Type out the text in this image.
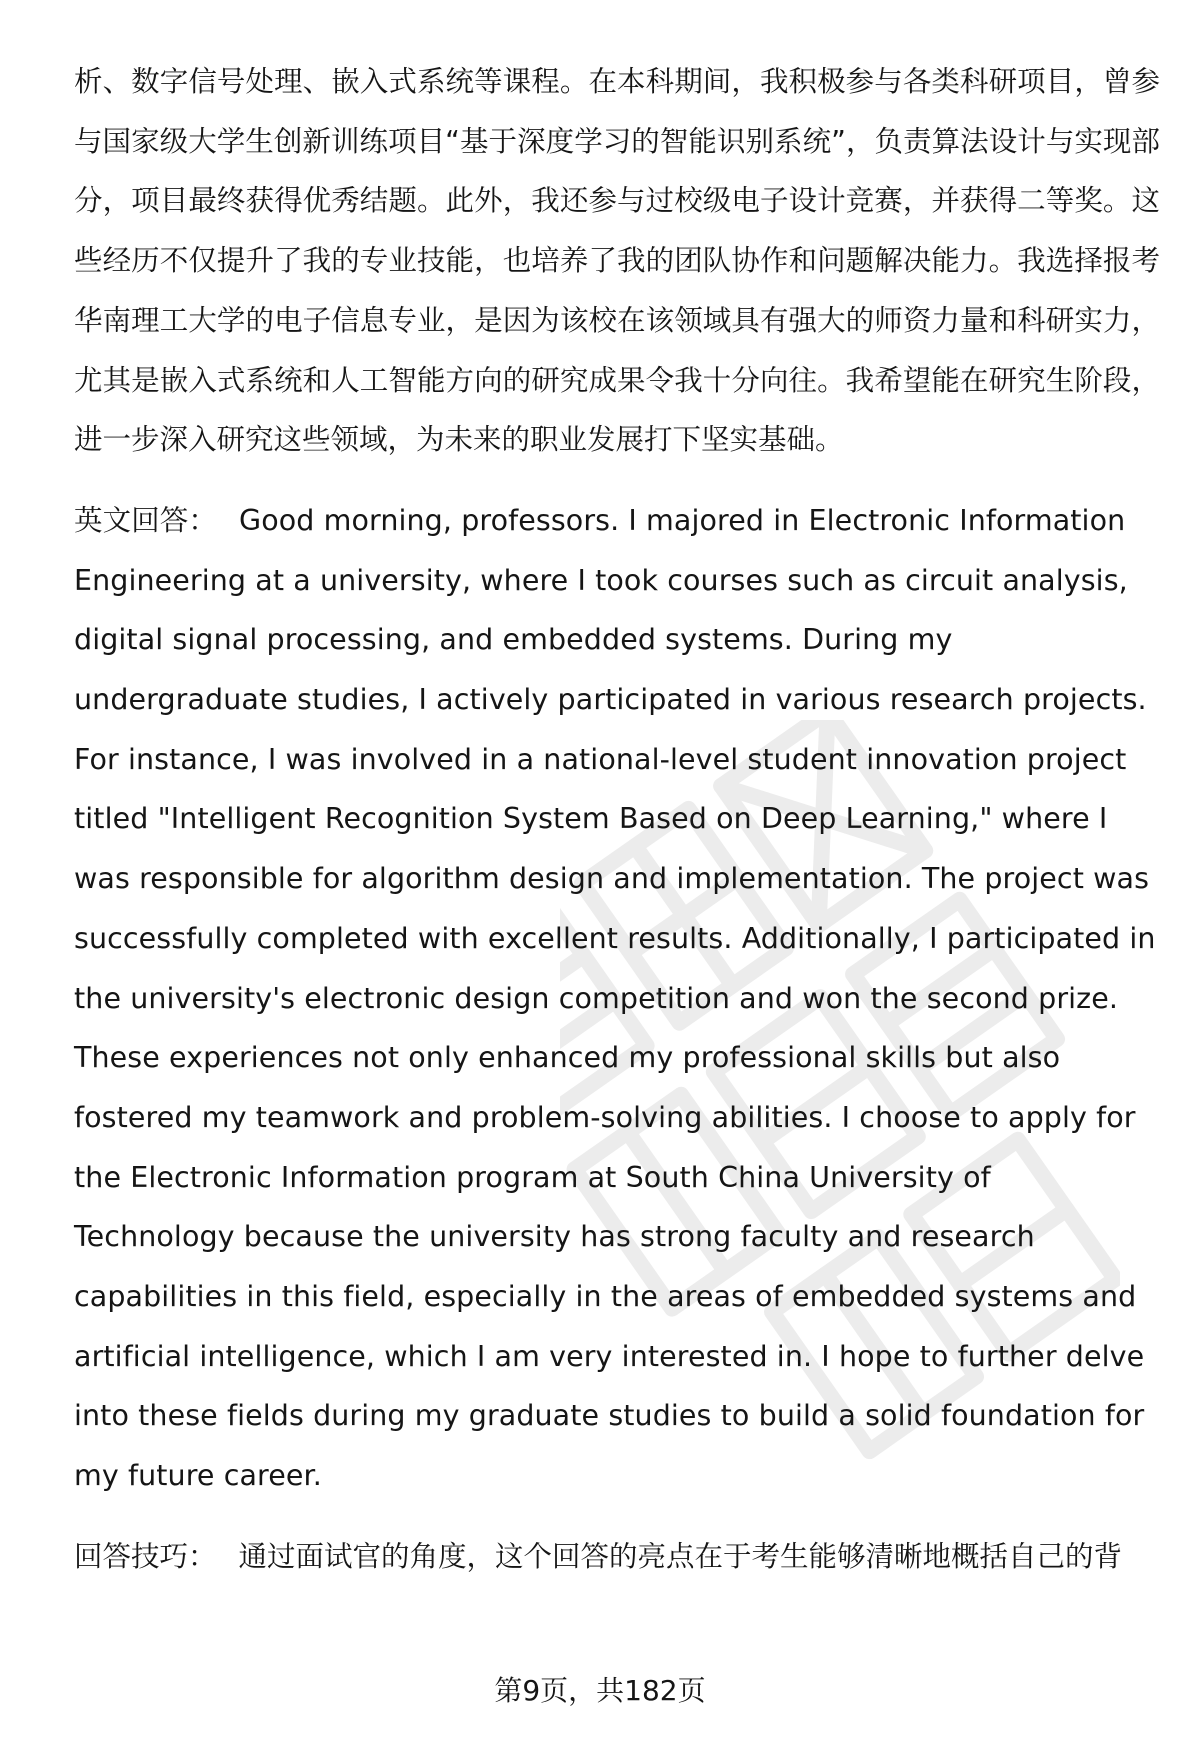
析、数字信号处理、嵌入式系统等课程。在本科期间，我积极参与各类科研项目，曾参与国家级大学生创新训练项目“基于深度学习的智能识别系统”，负责算法设计与实现部分，项目最终获得优秀结题。此外，我还参与过校级电子设计竞赛，并获得二等奖。这些经历不仅提升了我的专业技能，也培养了我的团队协作和问题解决能力。我选择报考华南理工大学的电子信息专业，是因为该校在该领域具有强大的师资力量和科研实力，尤其是嵌入式系统和人工智能方向的研究成果令我十分向往。我希望能在研究生阶段，进一步深入研究这些领域，为未来的职业发展打下坚实基础。

英文回答： Good morning, professors. I majored in Electronic Information Engineering at a university, where I took courses such as circuit analysis, digital signal processing, and embedded systems. During my undergraduate studies, I actively participated in various research projects. For instance, I was involved in a national-level student innovation project titled "Intelligent Recognition System Based on Deep Learning," where I was responsible for algorithm design and implementation. The project was successfully completed with excellent results. Additionally, I participated in the university's electronic design competition and won the second prize. These experiences not only enhanced my professional skills but also fostered my teamwork and problem-solving abilities. I choose to apply for the Electronic Information program at South China University of Technology because the university has strong faculty and research capabilities in this field, especially in the areas of embedded systems and artificial intelligence, which I am very interested in. I hope to further delve into these fields during my graduate studies to build a solid foundation for my future career.

回答技巧： 通过面试官的角度，这个回答的亮点在于考生能够清晰地概括自己的背

第9页，共182页
